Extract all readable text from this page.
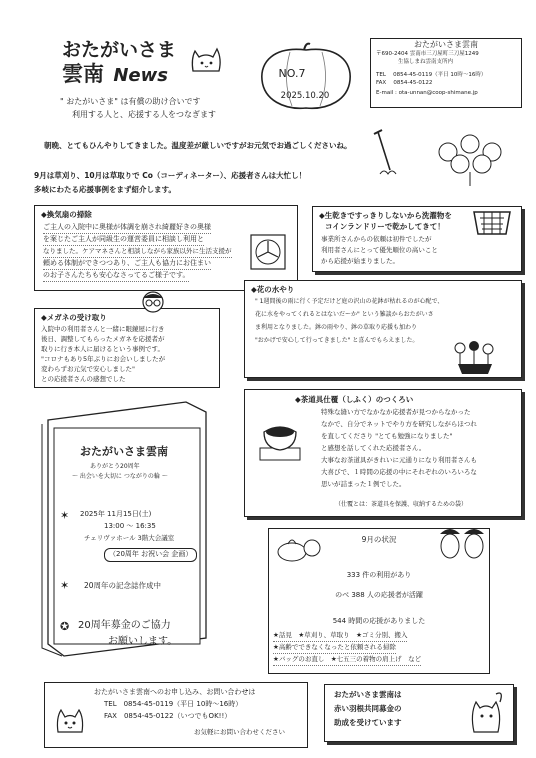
おたがいさま
雲南 News
" おたがいさま" は有償の助け合いです
利用する人と、応援する人をつなぎます
NO.7
2025.10.20
おたがいさま雲南
〒690-2404 雲南市三刀屋町三刀屋1249
生協しまね雲南支所内
TEL　 0854-45-0119（平日 10時〜16時）
FAX　 0854-45-0122
E-mail : ota-unnan@coop-shimane.jp
朝晩、とてもひんやりしてきました。温度差が厳しいですがお元気でお過ごしくださいね。
9月は草刈り、10月は草取りで Co（コーディネーター）、応援者さんは大忙し！
多岐にわたる応援事例をまず紹介します。
◆換気扇の掃除
ご主人の入院中に奥様が体調を崩され綺麗好きの奥様
を案じたご主人が同級生の運営委員に相談し利用と
なりました。ケアマネさんと相談しながら家族以外に生活支援が
頼める体制ができつつあり、ご主人も協力にお住まい
のお子さんたちも安心なさってるご様子です。
◆メガネの受け取り
入院中の利用者さんと一緒に眼鏡屋に行き
後日、調整してもらったメガネを応援者が
取りに行き本人に届けるという事例です。
"コロナもあり5年ぶりにお会いしましたが
変わらずお元気で安心しました"
との応援者さんの感想でした
◆生乾きですっきりしないから洗濯物を
コインランドリーで乾かしてきて！
事業所さんからの依頼は初件でしたが
利用者さんにとって優先順位の高いこと
から応援が始まりました。
◆花の水やり
" 1週間後の雨に行く予定だけど庭の沢山の花鉢が枯れるのが心配で、
花に水をやってくれるとはないだーか" という雑談からおたがいさ
ま利用となりました。鉢の雨やり、鉢の草取り応援も加わり
"おかげで安心して行ってきました" と喜んでもらえました。
◆茶道具仕覆（しふく）のつくろい
特殊な縫い方でなかなか応援者が見つからなかった
なかで、自分でネットでやり方を研究しながらほつれ
を直してくださり "とても勉強になりました"
と感想を話してくれた応援者さん。
大事なお茶道具がきれいに元通りになり利用者さんも
大喜びで、１時間の応援の中にそれぞれのいろいろな
思いが詰まった１例でした。
（仕覆とは：茶道具を保護、収納するための袋）
おたがいさま雲南
ありがとう20周年
〜 出会いを大切に つながりの輪 〜
✶ 2025年 11月15日(土)
13:00 〜 16:35
チェリヴァホール 3階大会議室
（20周年 お祝い会 企画）
✶ 20周年の記念誌作成中
✪ 20周年募金のご協力
お願いします。
9月の状況
333 件の利用があり
のべ 388 人の応援者が活躍
544 時間の応援がありました
★話見　★草刈り、草取り　★ゴミ分別、搬入
★高齢でできなくなったと依頼される掃除
★バッグのお直し　★七五三の着物の肩上げ　など
おたがいさま雲南へのお申し込み、お問い合わせは
TEL　0854-45-0119（平日 10時〜16時）
FAX　0854-45-0122（いつでもOK!!）
お気軽にお問い合わせください
おたがいさま雲南は
赤い羽根共同募金の
助成を受けています
